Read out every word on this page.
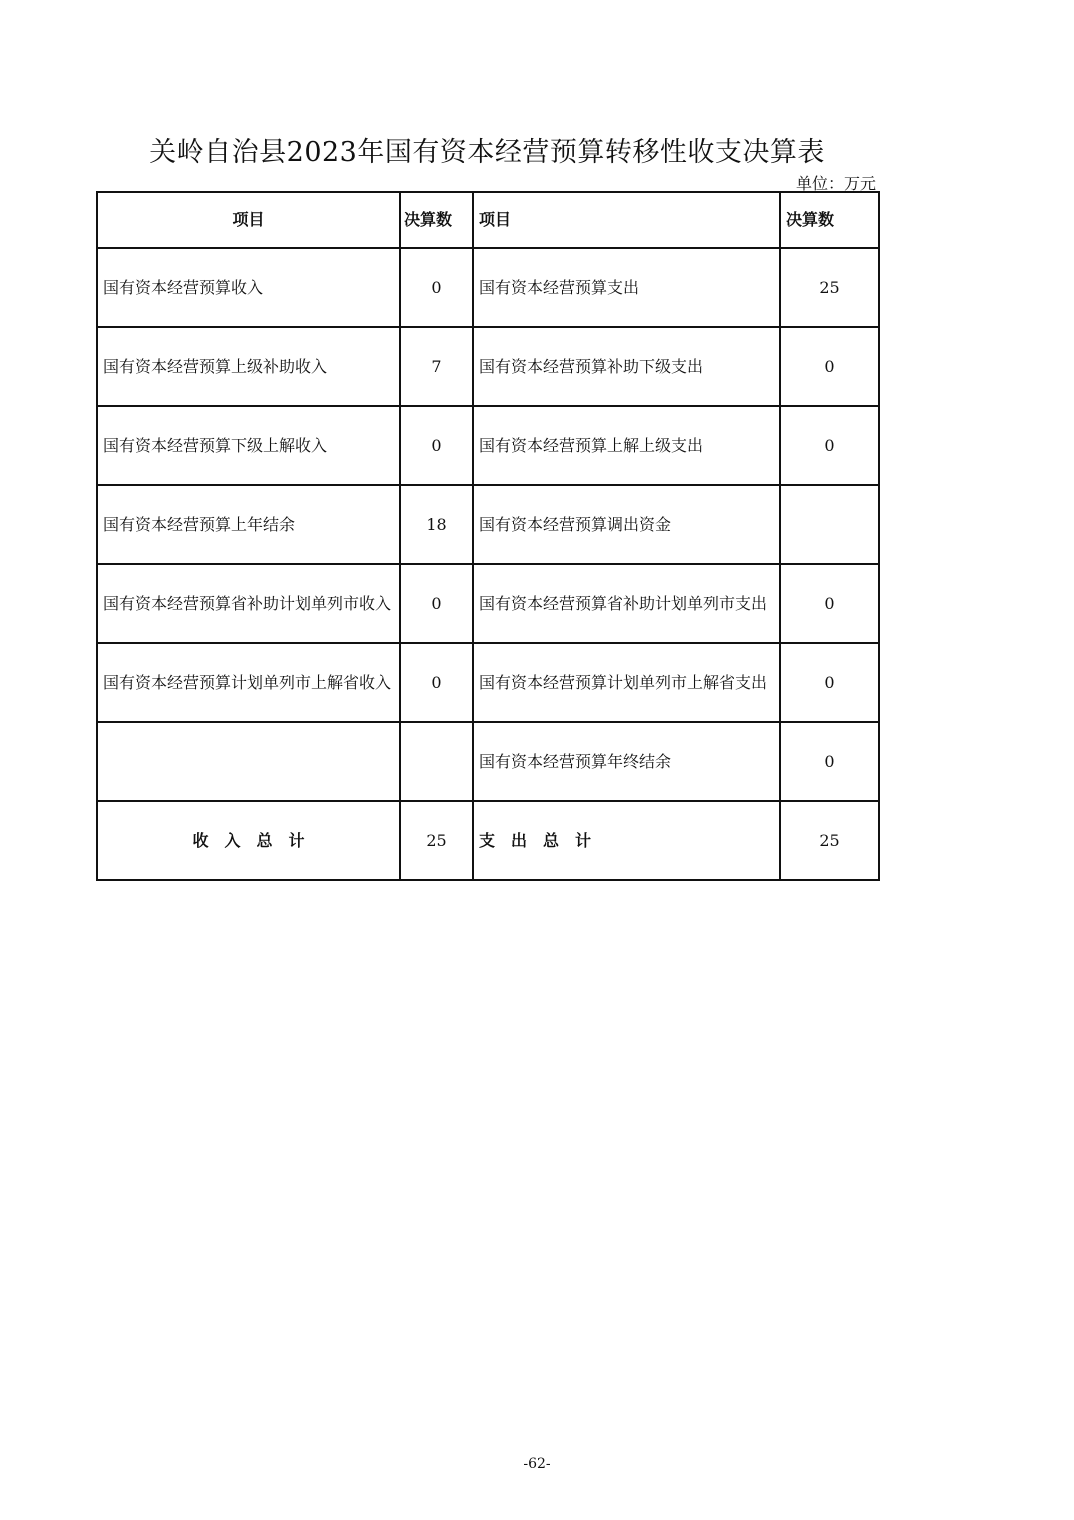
关岭自治县2023年国有资本经营预算转移性收支决算表
单位：万元
项目	决算数	项目	决算数
国有资本经营预算收入	0	国有资本经营预算支出	25
国有资本经营预算上级补助收入	7	国有资本经营预算补助下级支出	0
国有资本经营预算下级上解收入	0	国有资本经营预算上解上级支出	0
国有资本经营预算上年结余	18	国有资本经营预算调出资金	
国有资本经营预算省补助计划单列市收入	0	国有资本经营预算省补助计划单列市支出	0
国有资本经营预算计划单列市上解省收入	0	国有资本经营预算计划单列市上解省支出	0
		国有资本经营预算年终结余	0
收　入　总　计	25	支　出　总　计	25
-62-
